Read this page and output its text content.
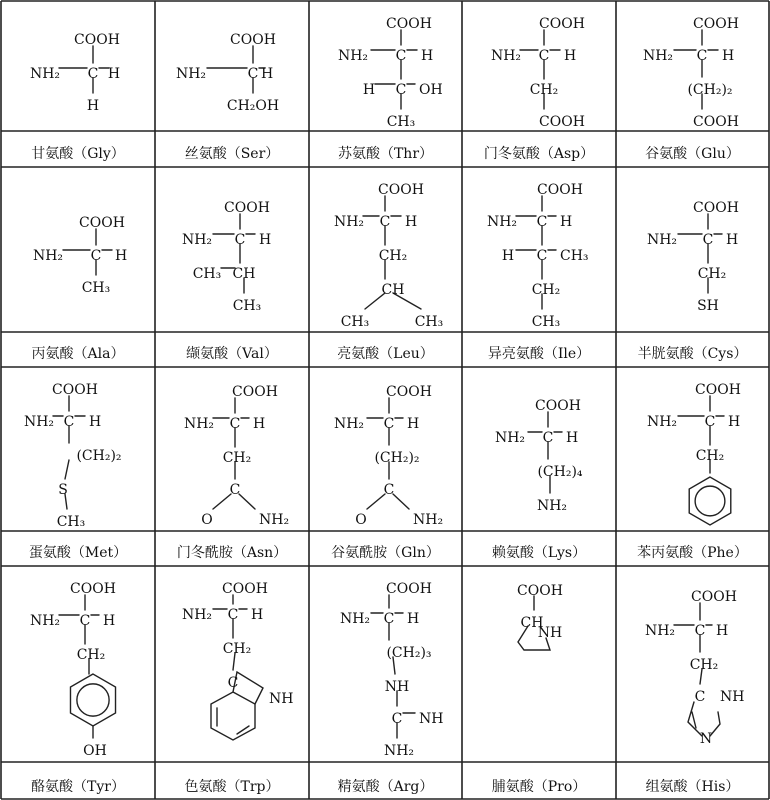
COOH
NH₂ C H
H
甘氨酸（Gly）
COOH
NH₂	C H
CH₂OH
丝氨酸（Ser）
COOH
NH₂ C H
H C OH
CH₃
苏氨酸（Thr）
COOH
NH₂ C H
CH₂
COOH
门冬氨酸（Asp）
COOH
NH₂ C H
(CH₂)₂
COOH
谷氨酸（Glu）
COOH
NH₂ C H
CH₃
丙氨酸（Ala）
COOH
NH₂ C H
CH₃ CH
CH₃
缬氨酸（Val）
COOH
NH₂ C H
CH₂
CH
CH₃	CH₃
亮氨酸（Leu）
COOH
NH₂ C H
H C CH₃
CH₂
CH₃
异亮氨酸（Ile）
COOH
NH₂ C H
CH₂
SH
半胱氨酸（Cys）
COOH
NH₂ C H
(CH₂)₂
S
CH₃
蛋氨酸（Met）
COOH
NH₂ C H
CH₂
C
O	NH₂
门冬酰胺（Asn）
COOH
NH₂ C H
(CH₂)₂
C
O	NH₂
谷氨酰胺（Gln）
COOH
NH₂ C H
(CH₂)₄
NH₂
赖氨酸（Lys）
COOH
NH₂ C H
CH₂
苯丙氨酸（Phe）
COOH
NH₂ C H
CH₂
OH
酪氨酸（Tyr）
COOH
NH₂ C H
CH₂
C
NH
色氨酸（Trp）
COOH
NH₂ C H
(CH₂)₃
NH
C NH
NH₂
精氨酸（Arg）
COOH
CH
NH
脯氨酸（Pro）
COOH
NH₂ C H
CH₂
C NH
N
组氨酸（His）
